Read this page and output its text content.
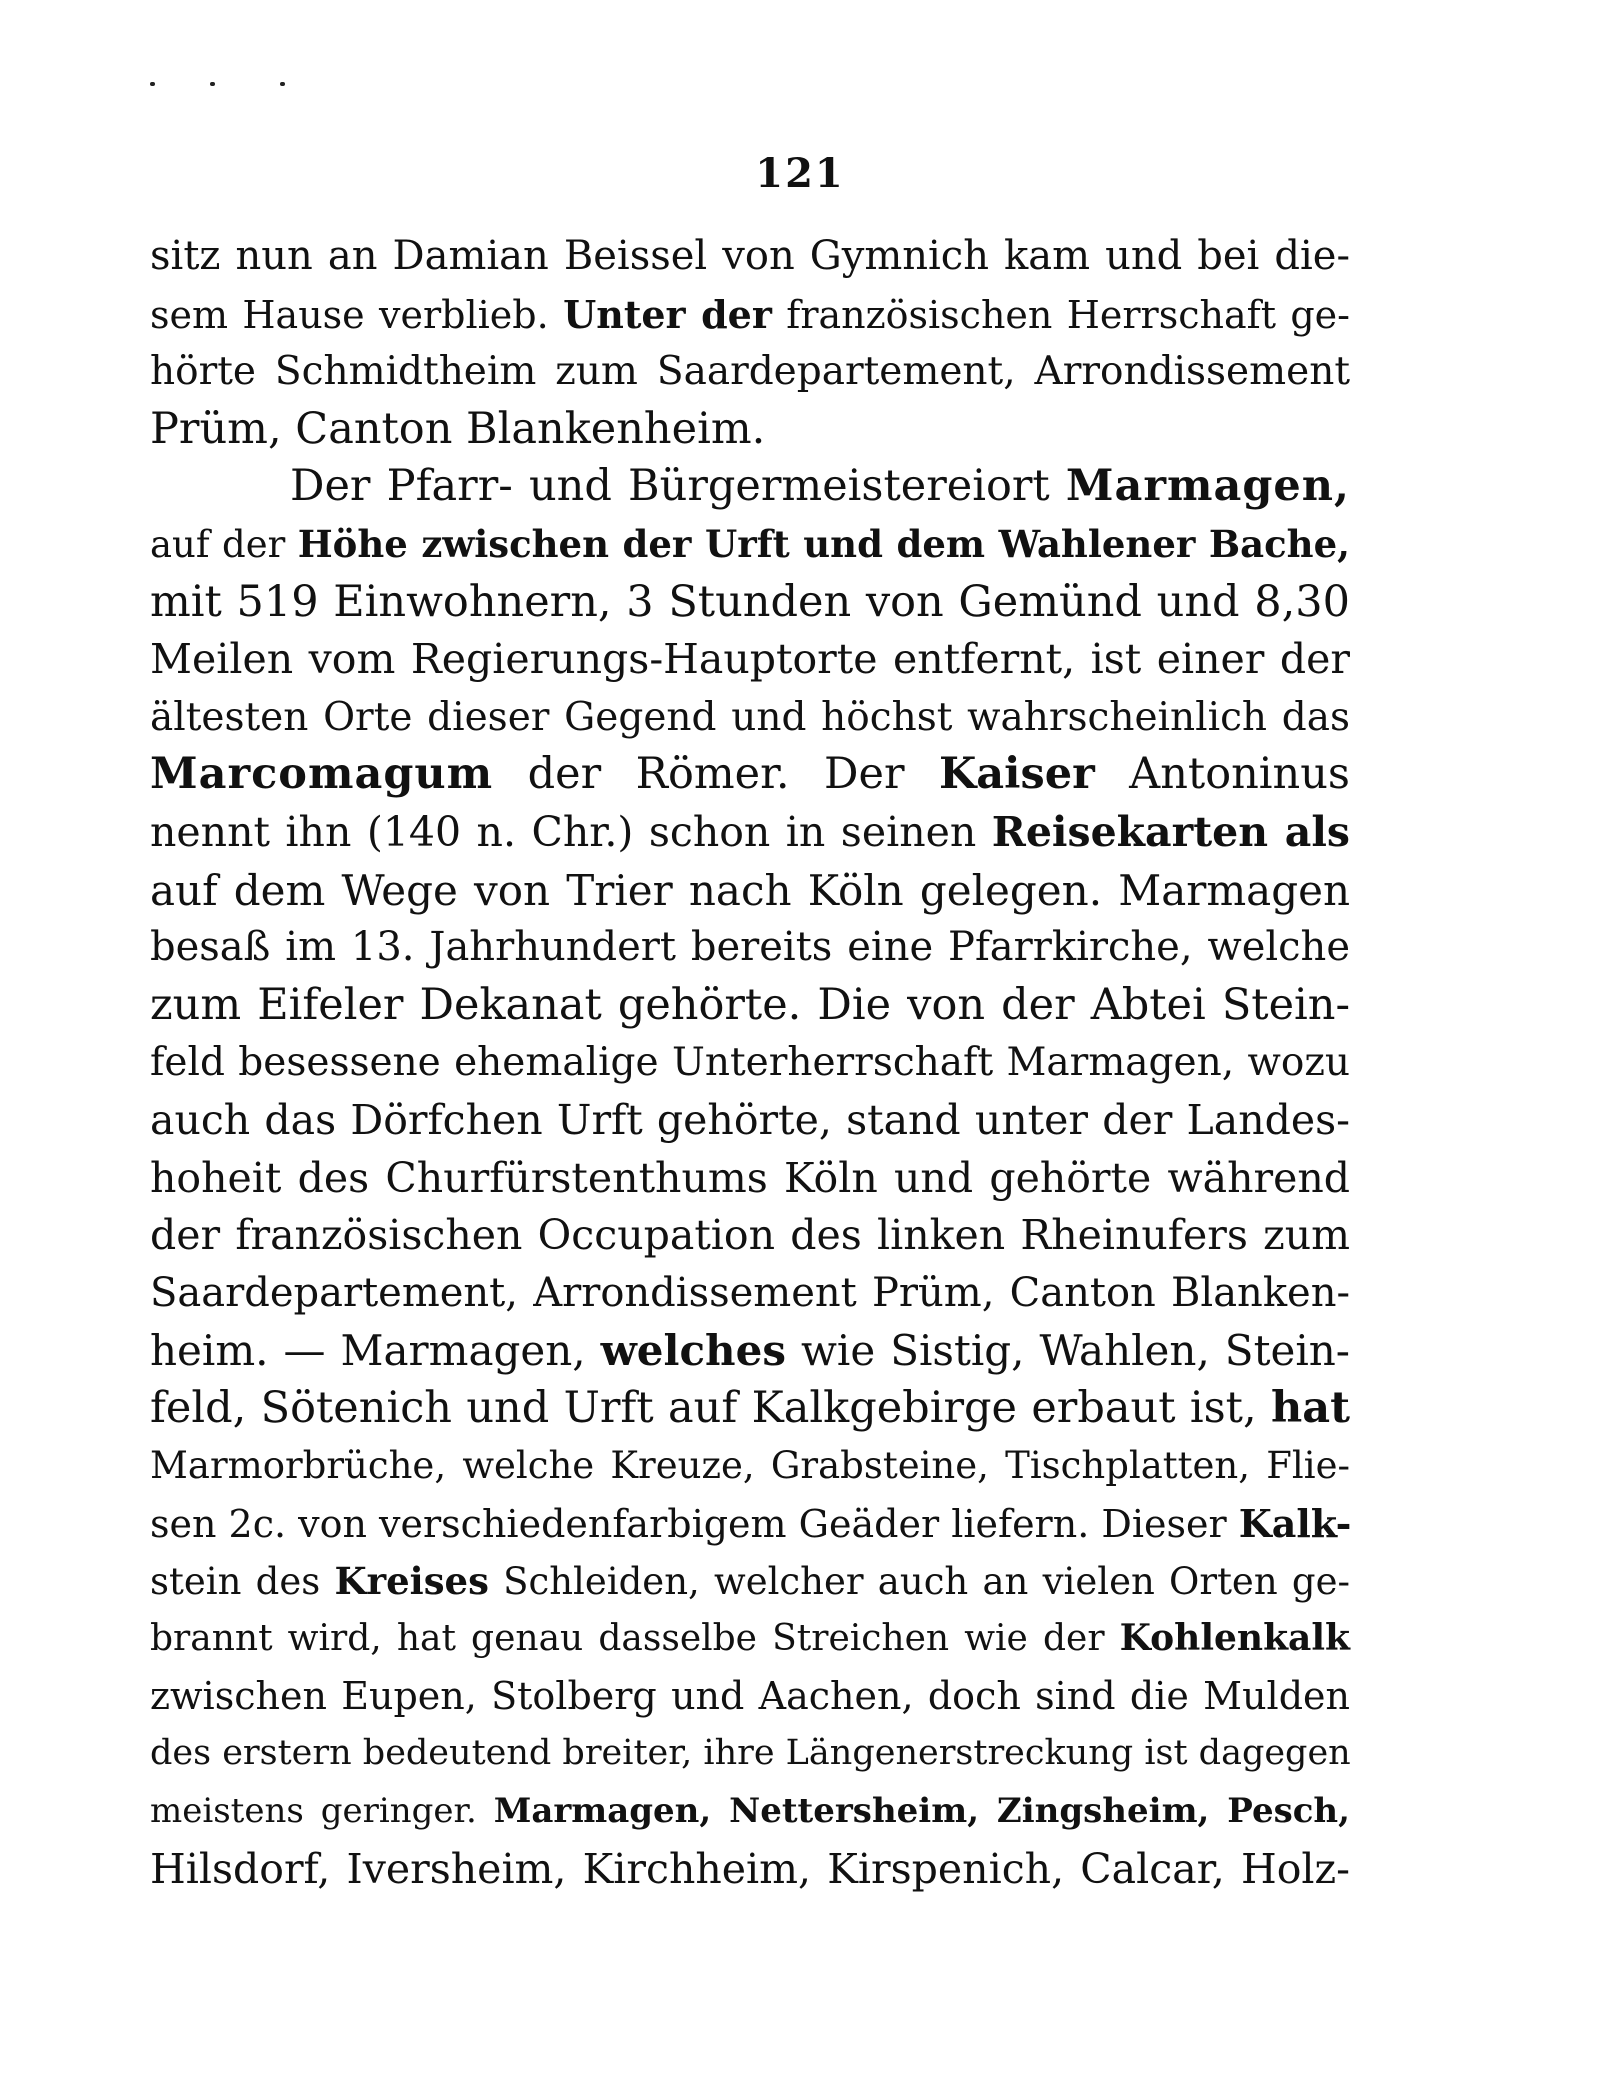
121
sitz nun an Damian Beissel von Gymnich kam und bei die-
sem Hause verblieb. Unter der französischen Herrschaft ge-
hörte Schmidtheim zum Saardepartement, Arrondissement
Prüm, Canton Blankenheim.
Der Pfarr- und Bürgermeistereiort Marmagen,
auf der Höhe zwischen der Urft und dem Wahlener Bache,
mit 519 Einwohnern, 3 Stunden von Gemünd und 8,30
Meilen vom Regierungs-Hauptorte entfernt, ist einer der
ältesten Orte dieser Gegend und höchst wahrscheinlich das
Marcomagum der Römer. Der Kaiser Antoninus
nennt ihn (140 n. Chr.) schon in seinen Reisekarten als
auf dem Wege von Trier nach Köln gelegen. Marmagen
besaß im 13. Jahrhundert bereits eine Pfarrkirche, welche
zum Eifeler Dekanat gehörte. Die von der Abtei Stein-
feld besessene ehemalige Unterherrschaft Marmagen, wozu
auch das Dörfchen Urft gehörte, stand unter der Landes-
hoheit des Churfürstenthums Köln und gehörte während
der französischen Occupation des linken Rheinufers zum
Saardepartement, Arrondissement Prüm, Canton Blanken-
heim. — Marmagen, welches wie Sistig, Wahlen, Stein-
feld, Sötenich und Urft auf Kalkgebirge erbaut ist, hat
Marmorbrüche, welche Kreuze, Grabsteine, Tischplatten, Flie-
sen 2c. von verschiedenfarbigem Geäder liefern. Dieser Kalk-
stein des Kreises Schleiden, welcher auch an vielen Orten ge-
brannt wird, hat genau dasselbe Streichen wie der Kohlenkalk
zwischen Eupen, Stolberg und Aachen, doch sind die Mulden
des erstern bedeutend breiter, ihre Längenerstreckung ist dagegen
meistens geringer. Marmagen, Nettersheim, Zingsheim, Pesch,
Hilsdorf, Iversheim, Kirchheim, Kirspenich, Calcar, Holz-
